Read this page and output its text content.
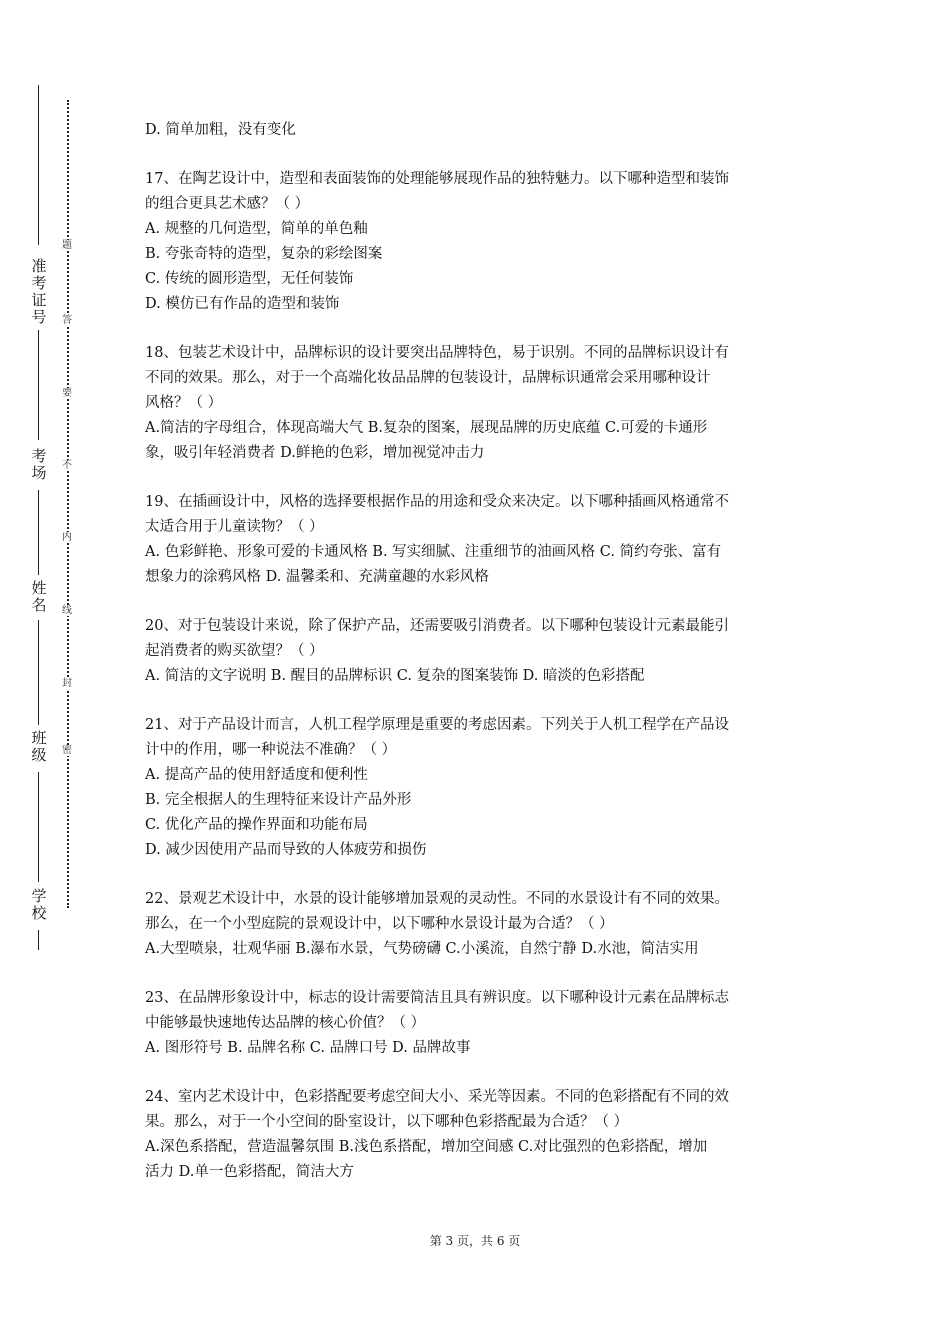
准
考
证
号
考
场
姓
名
班
级
学
校
题
答
要
不
内
线
封
密

D. 简单加粗，没有变化

17、在陶艺设计中，造型和表面装饰的处理能够展现作品的独特魅力。以下哪种造型和装饰

的组合更具艺术感？（ ）

A. 规整的几何造型，简单的单色釉

B. 夸张奇特的造型，复杂的彩绘图案

C. 传统的圆形造型，无任何装饰

D. 模仿已有作品的造型和装饰

18、包装艺术设计中，品牌标识的设计要突出品牌特色，易于识别。不同的品牌标识设计有

不同的效果。那么，对于一个高端化妆品品牌的包装设计，品牌标识通常会采用哪种设计

风格？（ ）

A.简洁的字母组合，体现高端大气 B.复杂的图案，展现品牌的历史底蕴 C.可爱的卡通形

象，吸引年轻消费者 D.鲜艳的色彩，增加视觉冲击力

19、在插画设计中，风格的选择要根据作品的用途和受众来决定。以下哪种插画风格通常不

太适合用于儿童读物？（ ）

A. 色彩鲜艳、形象可爱的卡通风格 B. 写实细腻、注重细节的油画风格 C. 简约夸张、富有

想象力的涂鸦风格 D. 温馨柔和、充满童趣的水彩风格

20、对于包装设计来说，除了保护产品，还需要吸引消费者。以下哪种包装设计元素最能引

起消费者的购买欲望？（ ）

A. 简洁的文字说明 B. 醒目的品牌标识 C. 复杂的图案装饰 D. 暗淡的色彩搭配

21、对于产品设计而言，人机工程学原理是重要的考虑因素。下列关于人机工程学在产品设

计中的作用，哪一种说法不准确？（ ）

A. 提高产品的使用舒适度和便利性

B. 完全根据人的生理特征来设计产品外形

C. 优化产品的操作界面和功能布局

D. 减少因使用产品而导致的人体疲劳和损伤

22、景观艺术设计中，水景的设计能够增加景观的灵动性。不同的水景设计有不同的效果。

那么，在一个小型庭院的景观设计中，以下哪种水景设计最为合适？（ ）

A.大型喷泉，壮观华丽 B.瀑布水景，气势磅礴 C.小溪流，自然宁静 D.水池，简洁实用

23、在品牌形象设计中，标志的设计需要简洁且具有辨识度。以下哪种设计元素在品牌标志

中能够最快速地传达品牌的核心价值？（ ）

A. 图形符号 B. 品牌名称 C. 品牌口号 D. 品牌故事

24、室内艺术设计中，色彩搭配要考虑空间大小、采光等因素。不同的色彩搭配有不同的效

果。那么，对于一个小空间的卧室设计，以下哪种色彩搭配最为合适？（ ）

A.深色系搭配，营造温馨氛围 B.浅色系搭配，增加空间感 C.对比强烈的色彩搭配，增加

活力 D.单一色彩搭配，简洁大方

第 3 页，共 6 页
